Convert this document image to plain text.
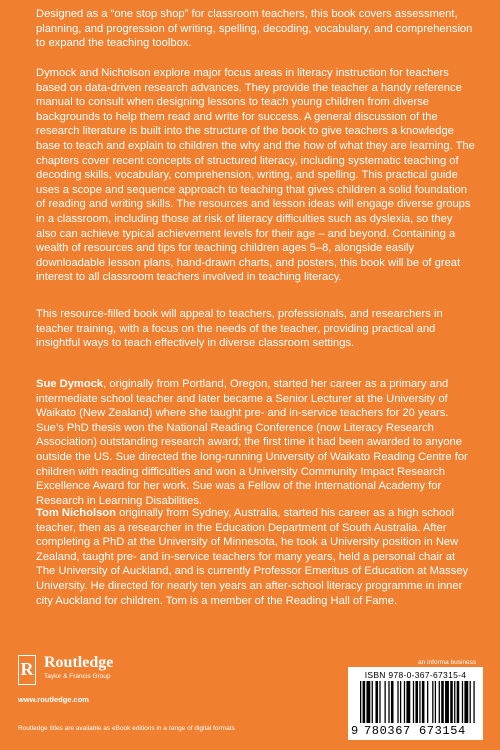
Designed as a “one stop shop” for classroom teachers, this book covers assessment, planning, and progression of writing, spelling, decoding, vocabulary, and comprehension to expand the teaching toolbox.

Dymock and Nicholson explore major focus areas in literacy instruction for teachers based on data-driven research advances. They provide the teacher a handy reference manual to consult when designing lessons to teach young children from diverse backgrounds to help them read and write for success. A general discussion of the research literature is built into the structure of the book to give teachers a knowledge base to teach and explain to children the why and the how of what they are learning. The chapters cover recent concepts of structured literacy, including systematic teaching of decoding skills, vocabulary, comprehension, writing, and spelling. This practical guide uses a scope and sequence approach to teaching that gives children a solid foundation of reading and writing skills. The resources and lesson ideas will engage diverse groups in a classroom, including those at risk of literacy difficulties such as dyslexia, so they also can achieve typical achievement levels for their age – and beyond. Containing a wealth of resources and tips for teaching children ages 5–8, alongside easily downloadable lesson plans, hand-drawn charts, and posters, this book will be of great interest to all classroom teachers involved in teaching literacy.

This resource-filled book will appeal to teachers, professionals, and researchers in teacher training, with a focus on the needs of the teacher, providing practical and insightful ways to teach effectively in diverse classroom settings.

Sue Dymock, originally from Portland, Oregon, started her career as a primary and intermediate school teacher and later became a Senior Lecturer at the University of Waikato (New Zealand) where she taught pre- and in-service teachers for 20 years. Sue’s PhD thesis won the National Reading Conference (now Literacy Research Association) outstanding research award; the first time it had been awarded to anyone outside the US. Sue directed the long-running University of Waikato Reading Centre for children with reading difficulties and won a University Community Impact Research Excellence Award for her work. Sue was a Fellow of the International Academy for Research in Learning Disabilities.

Tom Nicholson originally from Sydney, Australia, started his career as a high school teacher, then as a researcher in the Education Department of South Australia. After completing a PhD at the University of Minnesota, he took a University position in New Zealand, taught pre- and in-service teachers for many years, held a personal chair at The University of Auckland, and is currently Professor Emeritus of Education at Massey University. He directed for nearly ten years an after-school literacy programme in inner city Auckland for children. Tom is a member of the Reading Hall of Fame.

R Routledge
Taylor & Francis Group
www.routledge.com
Routledge titles are available as eBook editions in a range of digital formats
an informa business
ISBN 978-0-367-67315-4
9 780367 673154
